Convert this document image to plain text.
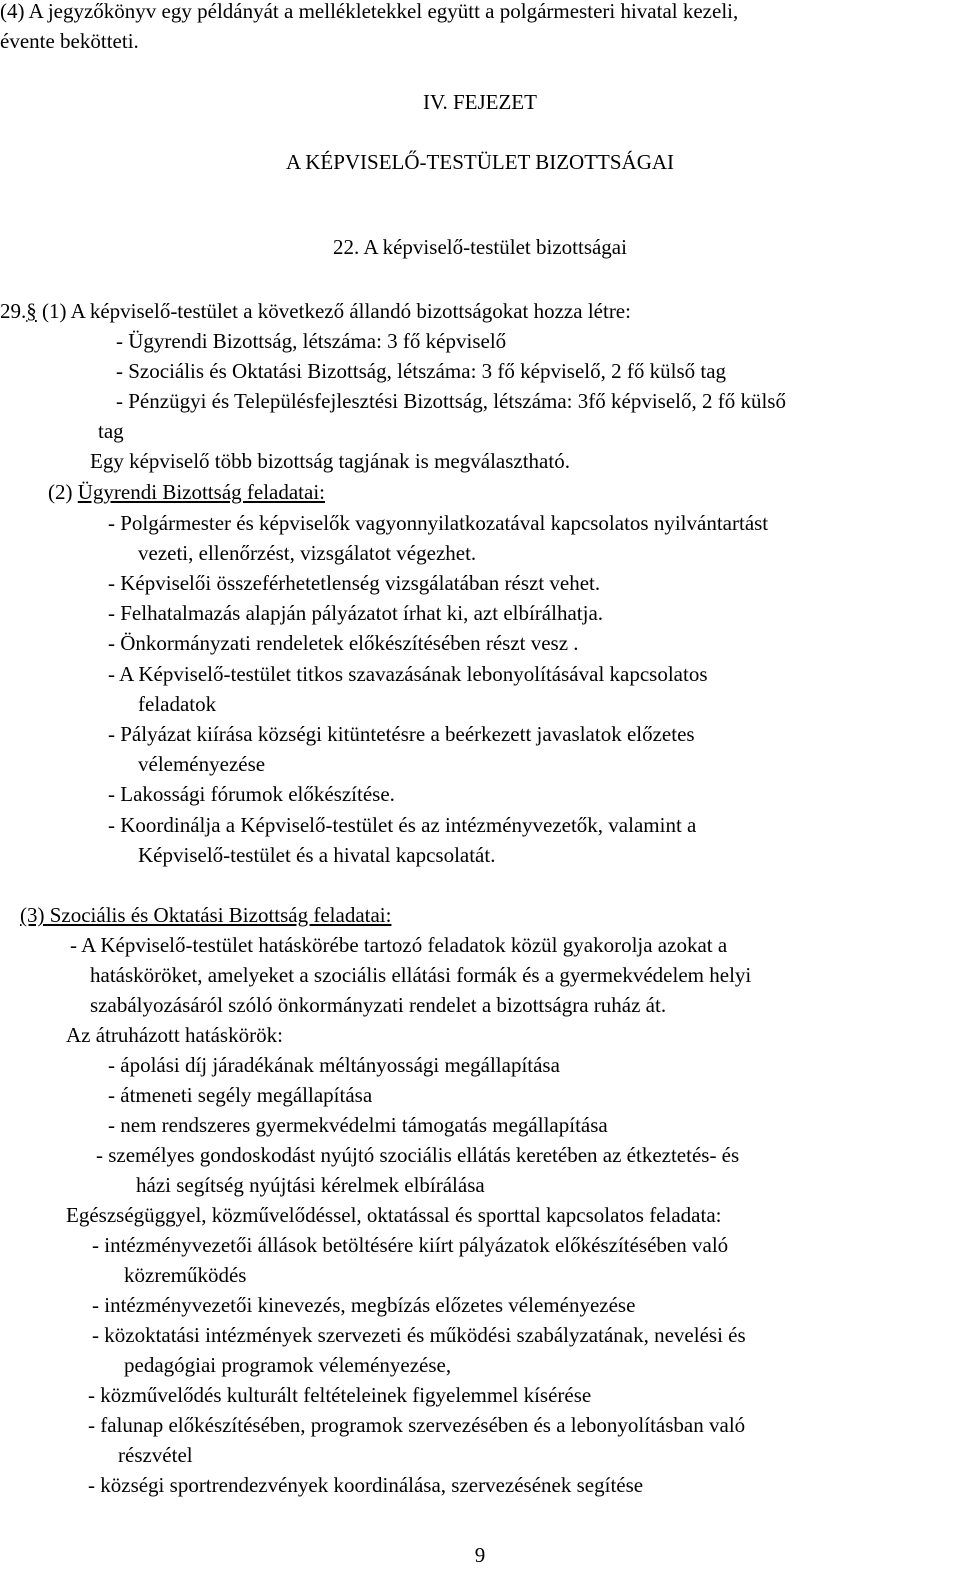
(4) A jegyzőkönyv egy példányát a mellékletekkel együtt a polgármesteri hivatal kezeli,
évente bekötteti.
IV. FEJEZET
A KÉPVISELŐ-TESTÜLET BIZOTTSÁGAI
22. A képviselő-testület bizottságai
29.§ (1) A képviselő-testület a következő állandó bizottságokat hozza létre:
- Ügyrendi Bizottság, létszáma: 3 fő képviselő
- Szociális és Oktatási Bizottság, létszáma: 3 fő képviselő, 2 fő külső tag
- Pénzügyi és Településfejlesztési Bizottság, létszáma: 3fő képviselő, 2 fő külső
tag
Egy képviselő több bizottság tagjának is megválasztható.
(2) Ügyrendi Bizottság feladatai:
- Polgármester és képviselők vagyonnyilatkozatával kapcsolatos nyilvántartást
vezeti, ellenőrzést, vizsgálatot végezhet.
- Képviselői összeférhetetlenség vizsgálatában részt vehet.
- Felhatalmazás alapján pályázatot írhat ki, azt elbírálhatja.
- Önkormányzati rendeletek előkészítésében részt vesz .
- A Képviselő-testület titkos szavazásának lebonyolításával kapcsolatos
feladatok
- Pályázat kiírása községi kitüntetésre a beérkezett javaslatok előzetes
véleményezése
- Lakossági fórumok előkészítése.
- Koordinálja a Képviselő-testület és az intézményvezetők, valamint a
Képviselő-testület és a hivatal kapcsolatát.
(3) Szociális és Oktatási Bizottság feladatai:
- A Képviselő-testület hatáskörébe tartozó feladatok közül gyakorolja azokat a
hatásköröket, amelyeket a szociális ellátási formák és a gyermekvédelem helyi
szabályozásáról szóló önkormányzati rendelet a bizottságra ruház át.
Az átruházott hatáskörök:
- ápolási díj járadékának méltányossági megállapítása
- átmeneti segély megállapítása
- nem rendszeres gyermekvédelmi támogatás megállapítása
- személyes gondoskodást nyújtó szociális ellátás keretében az étkeztetés- és
házi segítség nyújtási kérelmek elbírálása
Egészségüggyel, közművelődéssel, oktatással és sporttal kapcsolatos feladata:
- intézményvezetői állások betöltésére kiírt pályázatok előkészítésében való
közreműködés
- intézményvezetői kinevezés, megbízás előzetes véleményezése
- közoktatási intézmények szervezeti és működési szabályzatának, nevelési és
pedagógiai programok véleményezése,
- közművelődés kulturált feltételeinek figyelemmel kísérése
- falunap előkészítésében, programok szervezésében és a lebonyolításban való
részvétel
- községi sportrendezvények koordinálása, szervezésének segítése
9
